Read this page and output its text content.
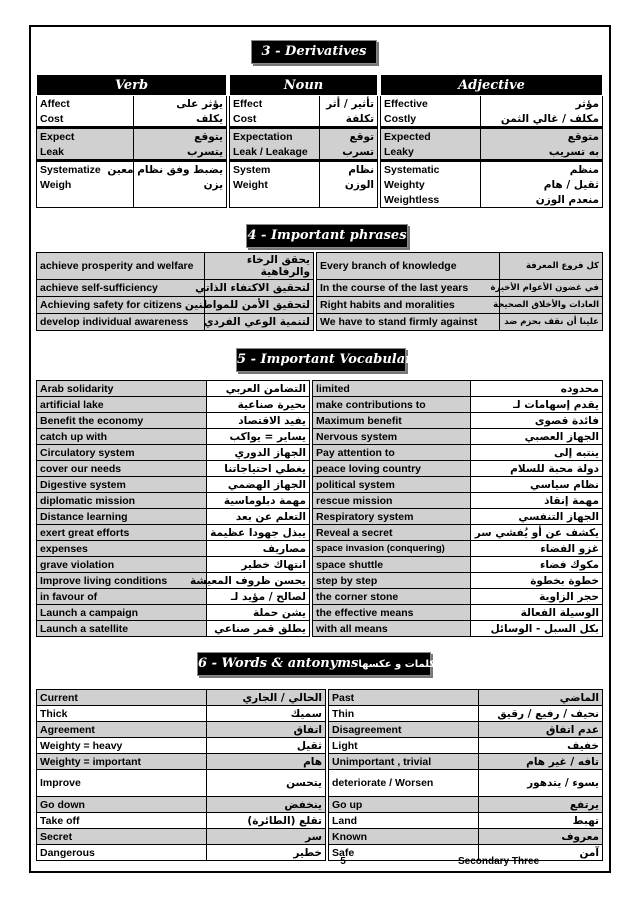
3 - Derivatives
Verb			Noun			Adjective	
Affect	يؤثر على		Effect	تأثير / أثر		Effective	مؤثر
Cost	يكلف		Cost	تكلفة		Costly	مكلف / غالي الثمن
Expect	يتوقع		Expectation	توقع		Expected	متوقع
Leak	يتسرب		Leak / Leakage	تسرب		Leaky	به تسريب
Systematize	يضبط وفق نظام معين		System	نظام		Systematic	منظم
Weigh	يزن		Weight	الوزن		Weighty	ثقيل / هام
						Weightless	منعدم الوزن
4 - Important phrases
achieve prosperity and welfare	يحقق الرخاء والرفاهية		Every branch of knowledge	كل فروع المعرفة
achieve self-sufficiency	لتحقيق الاكتفاء الذاتي		In the course of the last years	في غضون الأعوام الأخيرة
Achieving safety for citizens	لتحقيق الأمن للمواطنين		Right habits and moralities	العادات والأخلاق الصحيحة
develop individual awareness	لتنمية الوعي الفردي		We have to stand firmly against	علينا أن نقف بحزم ضد
5 - Important Vocabulary
Arab solidarity	التضامن العربي		limited	محدوده
artificial lake	بحيرة صناعية		make contributions to	يقدم إسهامات لـ
Benefit the economy	يفيد الاقتصاد		Maximum benefit	فائدة قصوى
catch up with	يساير = يواكب		Nervous system	الجهاز العصبي
Circulatory system	الجهاز الدوري		Pay attention to	ينتبه إلى
cover our needs	يغطي احتياجاتنا		peace loving country	دولة محبة للسلام
Digestive system	الجهاز الهضمي		political system	نظام سياسي
diplomatic mission	مهمة دبلوماسية		rescue mission	مهمة إنقاذ
Distance learning	التعلم عن بعد		Respiratory system	الجهاز التنفسي
exert great efforts	يبذل جهودا عظيمة		Reveal a secret	يكشف عن أو يُفشي سر
expenses	مصاريف		space invasion (conquering)	غزو الفضاء
grave violation	انتهاك خطير		space shuttle	مكوك فضاء
Improve living conditions	يحسن ظروف المعيشة		step by step	خطوة بخطوة
in favour of	لصالح / مؤيد لـ		the corner stone	حجر الزاوية
Launch a campaign	يشن حملة		the effective means	الوسيلة الفعالة
Launch a satellite	يطلق قمر صناعي		with all means	بكل السبل - الوسائل
6 - Words & antonymsكلمات و عكسها
Current	الحالي / الجاري		Past	الماضي
Thick	سميك		Thin	نحيف / رفيع / رقيق
Agreement	اتفاق		Disagreement	عدم اتفاق
Weighty = heavy	ثقيل		Light	خفيف
Weighty = important	هام		Unimportant , trivial	تافه / غير هام
Improve	يتحسن		deteriorate / Worsen	يسوء / يتدهور
Go down	ينخفض		Go up	يرتفع
Take off	تقلع (الطائرة)		Land	تهبط
Secret	سر		Known	معروف
Dangerous	خطير		Safe	آمن
5	Secondary Three
